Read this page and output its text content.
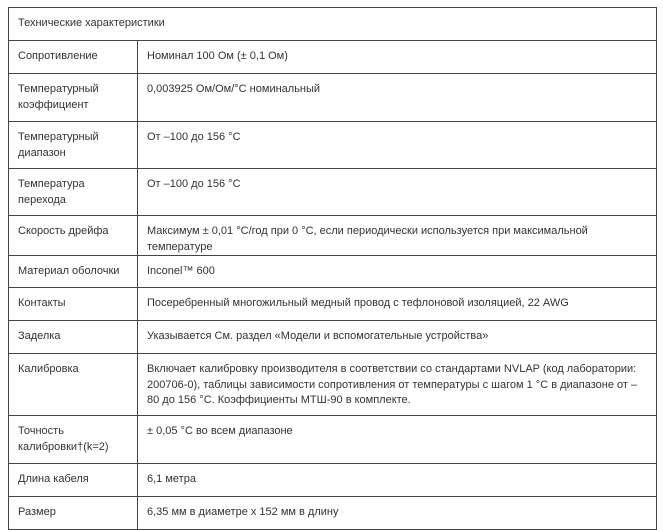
Технические характеристики	
Сопротивление	Номинал 100 Ом (± 0,1 Ом)
Температурный коэффициент	0,003925 Ом/Ом/°С номинальный
Температурный диапазон	От –100 до 156 °C
Температура перехода	От –100 до 156 °C
Скорость дрейфа	Максимум ± 0,01 °C/год при 0 °C, если периодически используется при максимальной температуре
Материал оболочки	Inconel™ 600
Контакты	Посеребренный многожильный медный провод с тефлоновой изоляцией, 22 AWG
Заделка	Указывается См. раздел «Модели и вспомогательные устройства»
Калибровка	Включает калибровку производителя в соответствии со стандартами NVLAP (код лаборатории: 200706-0), таблицы зависимости сопротивления от температуры с шагом 1 °C в диапазоне от –80 до 156 °C. Коэффициенты МТШ-90 в комплекте.
Точность калибровки†(k=2)	± 0,05 °C во всем диапазоне
Длина кабеля	6,1 метра
Размер	6,35 мм в диаметре x 152 мм в длину
